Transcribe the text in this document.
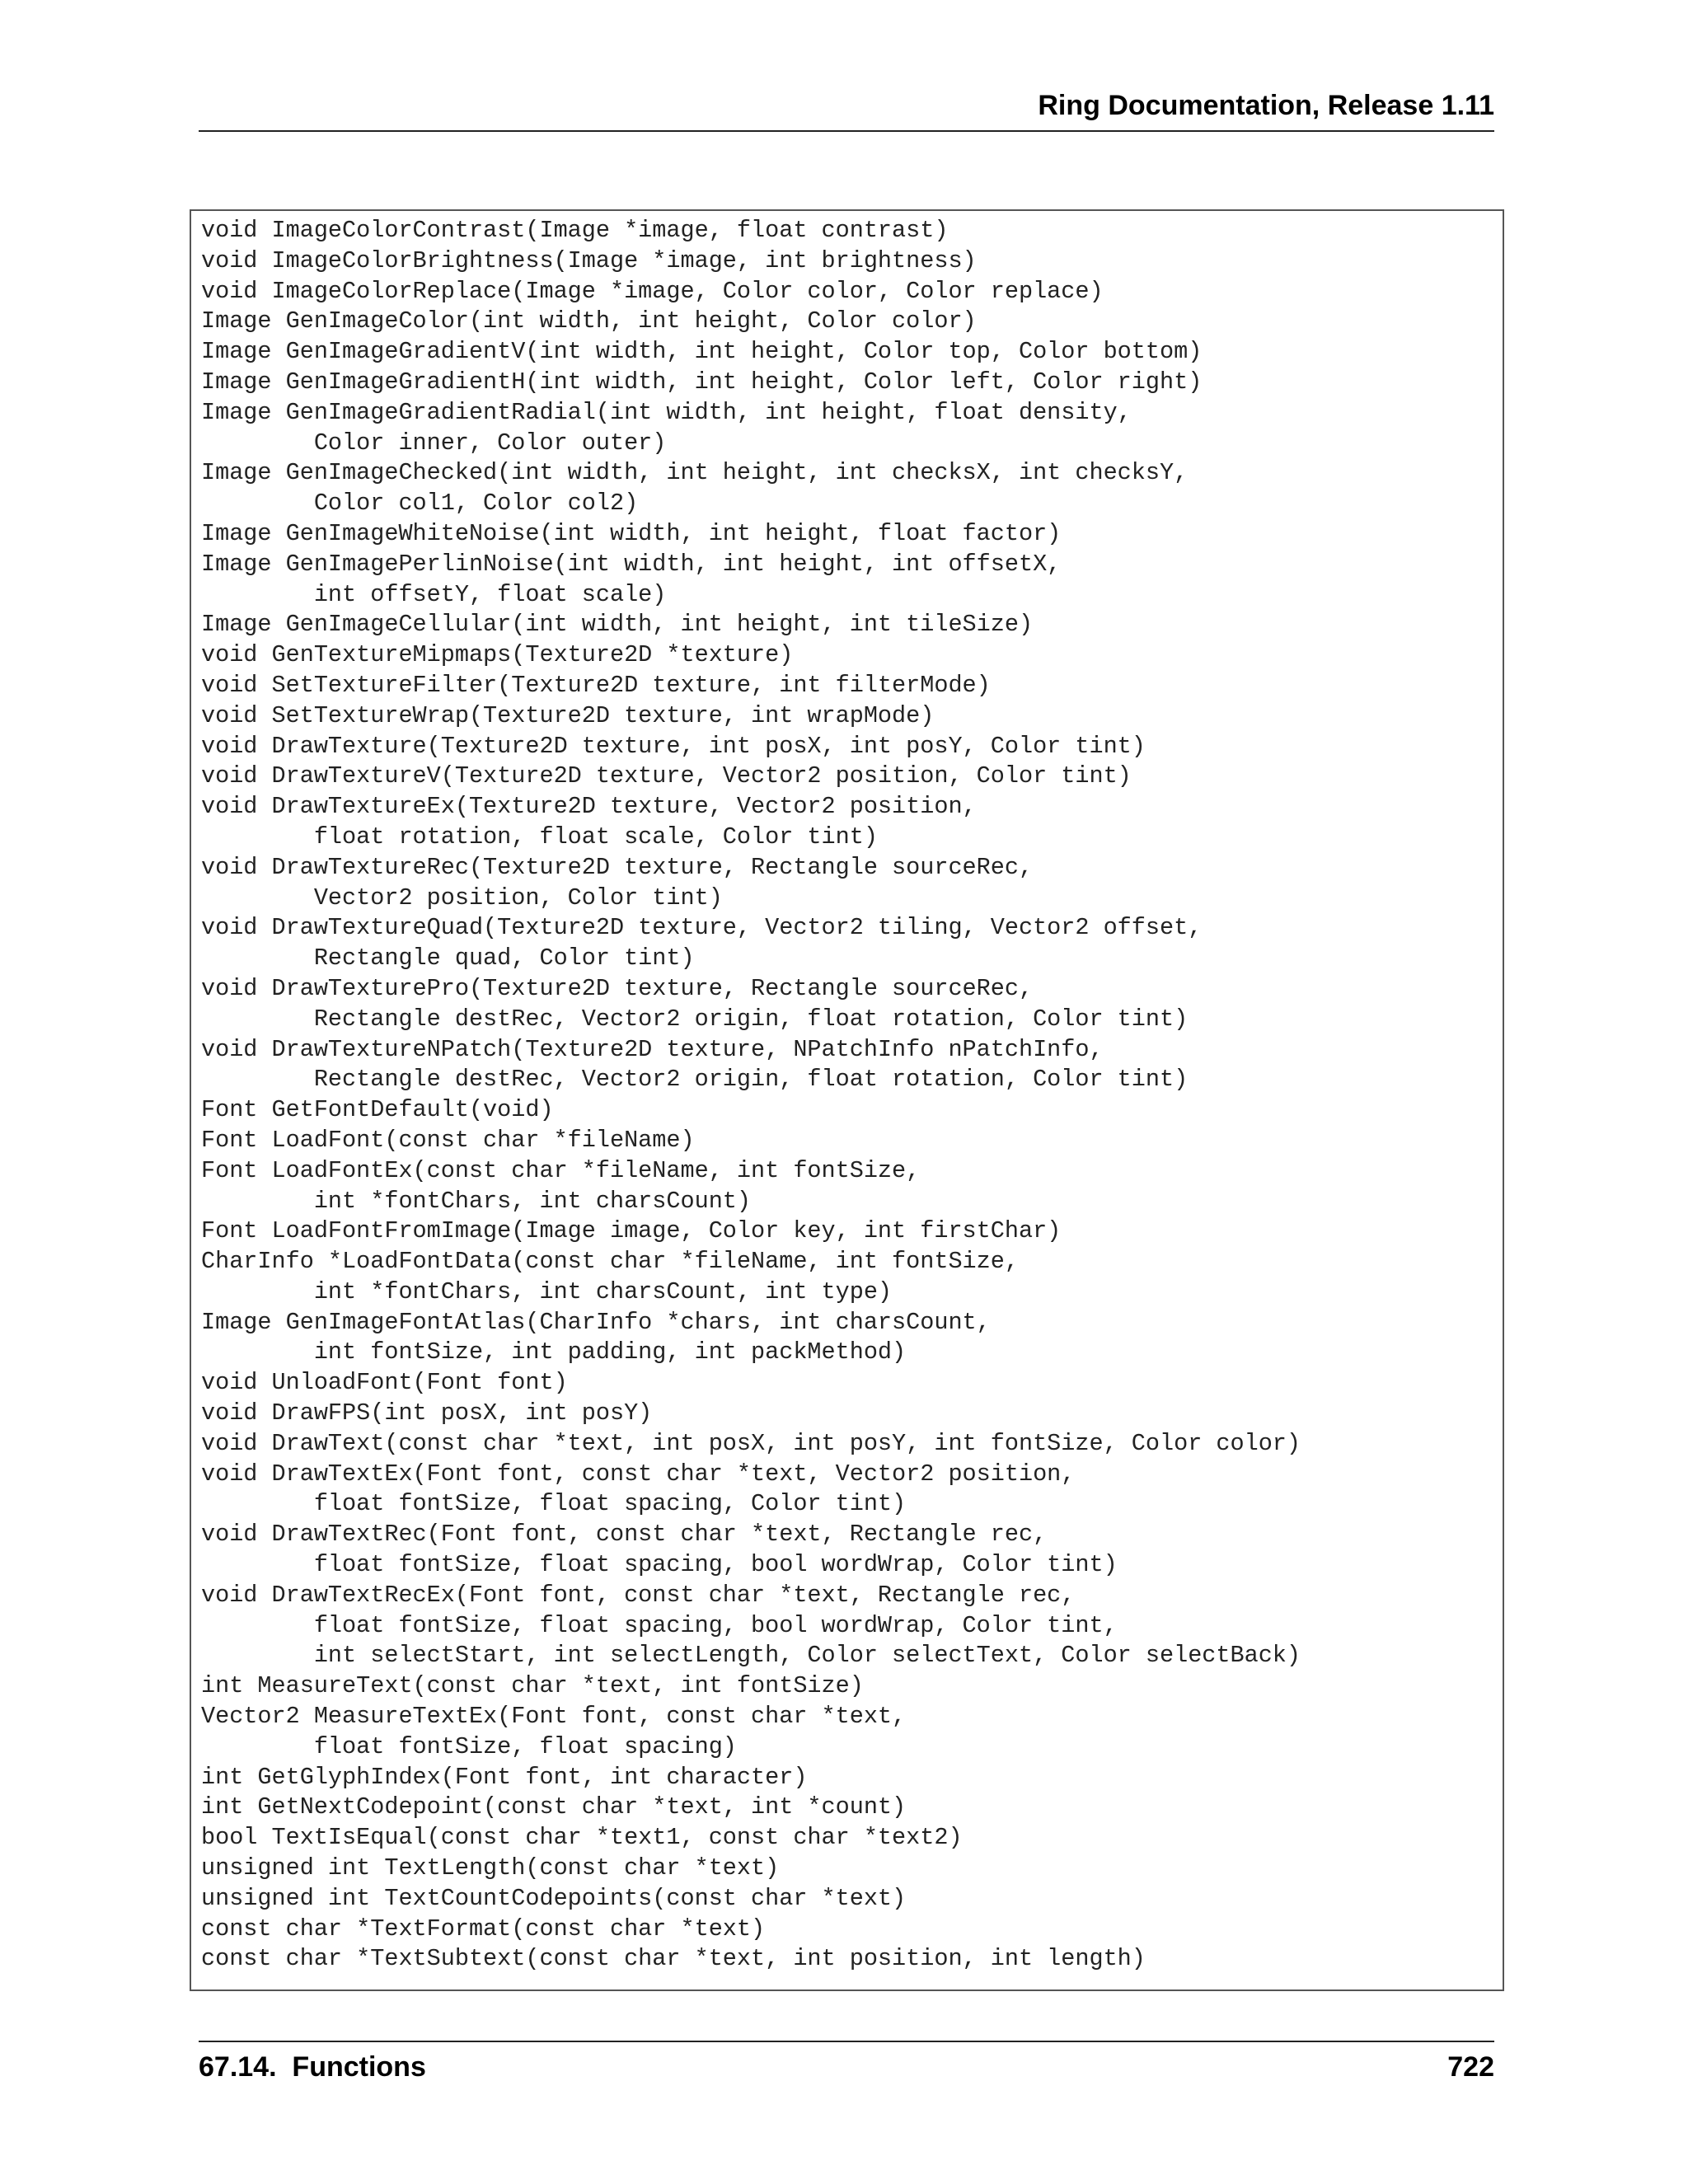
Ring Documentation, Release 1.11
void ImageColorContrast(Image *image, float contrast)
void ImageColorBrightness(Image *image, int brightness)
void ImageColorReplace(Image *image, Color color, Color replace)
Image GenImageColor(int width, int height, Color color)
Image GenImageGradientV(int width, int height, Color top, Color bottom)
Image GenImageGradientH(int width, int height, Color left, Color right)
Image GenImageGradientRadial(int width, int height, float density,
Color inner, Color outer)
Image GenImageChecked(int width, int height, int checksX, int checksY,
Color col1, Color col2)
Image GenImageWhiteNoise(int width, int height, float factor)
Image GenImagePerlinNoise(int width, int height, int offsetX,
int offsetY, float scale)
Image GenImageCellular(int width, int height, int tileSize)
void GenTextureMipmaps(Texture2D *texture)
void SetTextureFilter(Texture2D texture, int filterMode)
void SetTextureWrap(Texture2D texture, int wrapMode)
void DrawTexture(Texture2D texture, int posX, int posY, Color tint)
void DrawTextureV(Texture2D texture, Vector2 position, Color tint)
void DrawTextureEx(Texture2D texture, Vector2 position,
float rotation, float scale, Color tint)
void DrawTextureRec(Texture2D texture, Rectangle sourceRec,
Vector2 position, Color tint)
void DrawTextureQuad(Texture2D texture, Vector2 tiling, Vector2 offset,
Rectangle quad, Color tint)
void DrawTexturePro(Texture2D texture, Rectangle sourceRec,
Rectangle destRec, Vector2 origin, float rotation, Color tint)
void DrawTextureNPatch(Texture2D texture, NPatchInfo nPatchInfo,
Rectangle destRec, Vector2 origin, float rotation, Color tint)
Font GetFontDefault(void)
Font LoadFont(const char *fileName)
Font LoadFontEx(const char *fileName, int fontSize,
int *fontChars, int charsCount)
Font LoadFontFromImage(Image image, Color key, int firstChar)
CharInfo *LoadFontData(const char *fileName, int fontSize,
int *fontChars, int charsCount, int type)
Image GenImageFontAtlas(CharInfo *chars, int charsCount,
int fontSize, int padding, int packMethod)
void UnloadFont(Font font)
void DrawFPS(int posX, int posY)
void DrawText(const char *text, int posX, int posY, int fontSize, Color color)
void DrawTextEx(Font font, const char *text, Vector2 position,
float fontSize, float spacing, Color tint)
void DrawTextRec(Font font, const char *text, Rectangle rec,
float fontSize, float spacing, bool wordWrap, Color tint)
void DrawTextRecEx(Font font, const char *text, Rectangle rec,
float fontSize, float spacing, bool wordWrap, Color tint,
int selectStart, int selectLength, Color selectText, Color selectBack)
int MeasureText(const char *text, int fontSize)
Vector2 MeasureTextEx(Font font, const char *text,
float fontSize, float spacing)
int GetGlyphIndex(Font font, int character)
int GetNextCodepoint(const char *text, int *count)
bool TextIsEqual(const char *text1, const char *text2)
unsigned int TextLength(const char *text)
unsigned int TextCountCodepoints(const char *text)
const char *TextFormat(const char *text)
const char *TextSubtext(const char *text, int position, int length)
67.14.  Functions	722
